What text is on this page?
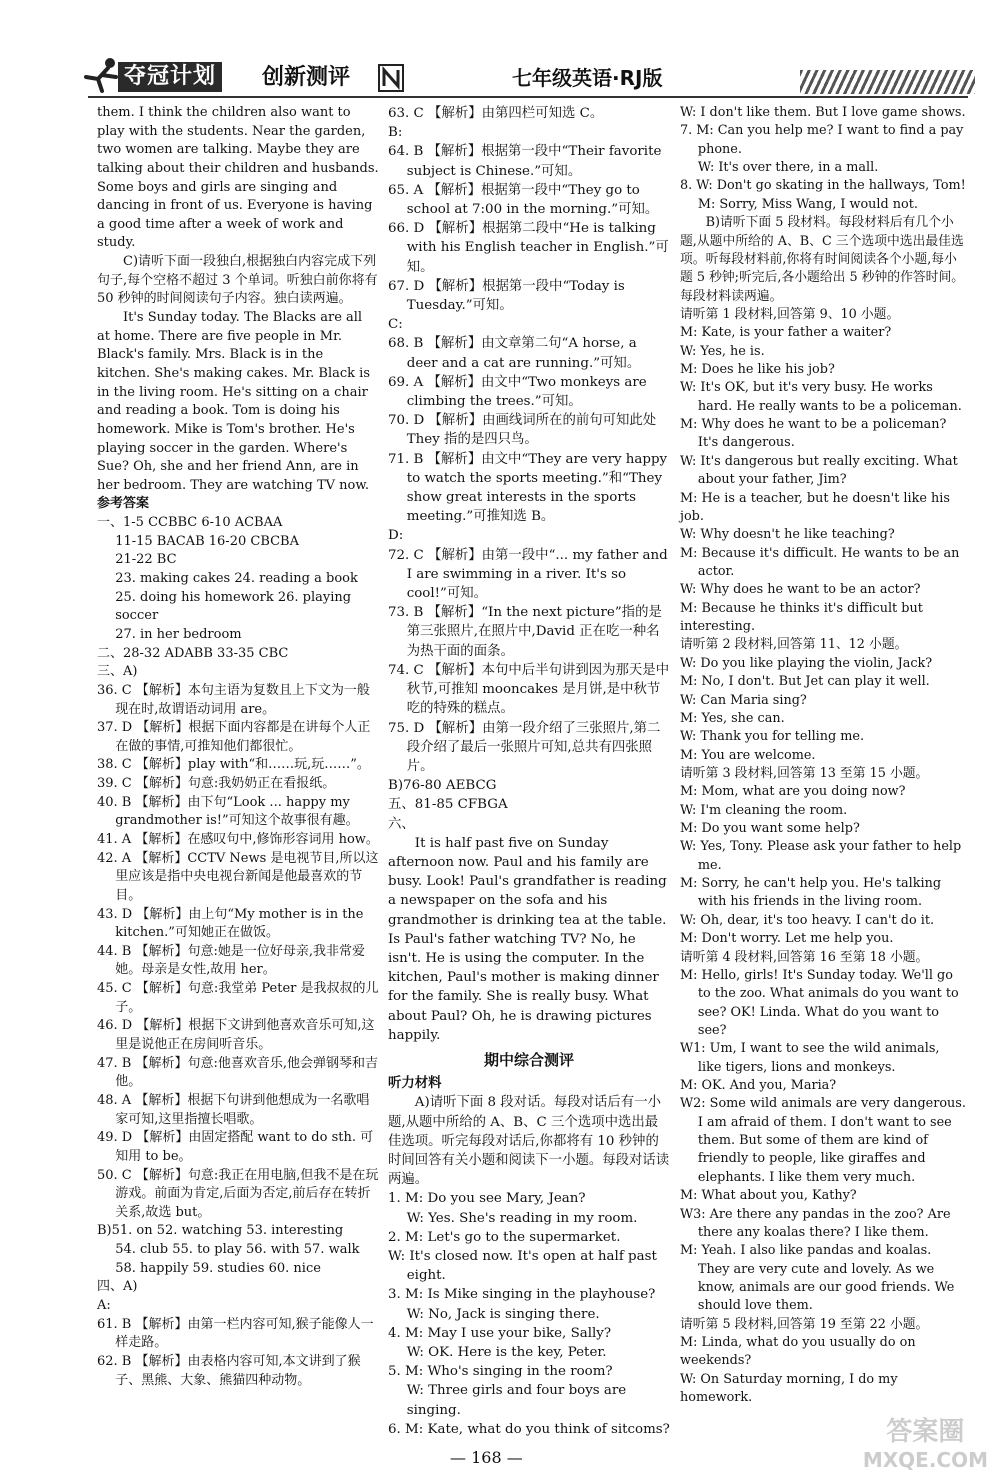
夺冠计划 创新测评	七年级英语·RJ版

them. I think the children also want to play with the students. Near the garden, two women are talking. Maybe they are talking about their children and husbands. Some boys and girls are singing and dancing in front of us. Everyone is having a good time after a week of work and study.

C)请听下面一段独白,根据独白内容完成下列句子,每个空格不超过 3 个单词。听独白前你将有 50 秒钟的时间阅读句子内容。独白读两遍。

It's Sunday today. The Blacks are all at home. There are five people in Mr. Black's family. Mrs. Black is in the kitchen. She's making cakes. Mr. Black is in the living room. He's sitting on a chair and reading a book. Tom is doing his homework. Mike is Tom's brother. He's playing soccer in the garden. Where's Sue? Oh, she and her friend Ann, are in her bedroom. They are watching TV now.

参考答案

一、1-5 CCBBC 6-10 ACBAA

11-15 BACAB 16-20 CBCBA

21-22 BC

23. making cakes 24. reading a book

25. doing his homework 26. playing soccer

27. in her bedroom

二、28-32 ADABB 33-35 CBC

三、A)

36. C 【解析】本句主语为复数且上下文为一般现在时,故谓语动词用 are。

37. D 【解析】根据下面内容都是在讲每个人正在做的事情,可推知他们都很忙。

38. C 【解析】play with“和……玩,玩……”。

39. C 【解析】句意:我奶奶正在看报纸。

40. B 【解析】由下句“Look ... happy my grandmother is!”可知这个故事很有趣。

41. A 【解析】在感叹句中,修饰形容词用 how。

42. A 【解析】CCTV News 是电视节目,所以这里应该是指中央电视台新闻是他最喜欢的节目。

43. D 【解析】由上句“My mother is in the kitchen.”可知她正在做饭。

44. B 【解析】句意:她是一位好母亲,我非常爱她。母亲是女性,故用 her。

45. C 【解析】句意:我堂弟 Peter 是我叔叔的儿子。

46. D 【解析】根据下文讲到他喜欢音乐可知,这里是说他正在房间听音乐。

47. B 【解析】句意:他喜欢音乐,他会弹钢琴和吉他。

48. A 【解析】根据下句讲到他想成为一名歌唱家可知,这里指擅长唱歌。

49. D 【解析】由固定搭配 want to do sth. 可知用 to be。

50. C 【解析】句意:我正在用电脑,但我不是在玩游戏。前面为肯定,后面为否定,前后存在转折关系,故选 but。

B)51. on 52. watching 53. interesting

54. club 55. to play 56. with 57. walk

58. happily 59. studies 60. nice

四、A)

A:

61. B 【解析】由第一栏内容可知,猴子能像人一样走路。

62. B 【解析】由表格内容可知,本文讲到了猴子、黑熊、大象、熊猫四种动物。

63. C 【解析】由第四栏可知选 C。

B:

64. B 【解析】根据第一段中“Their favorite subject is Chinese.”可知。

65. A 【解析】根据第一段中“They go to school at 7:00 in the morning.”可知。

66. D 【解析】根据第二段中“He is talking with his English teacher in English.”可知。

67. D 【解析】根据第一段中“Today is Tuesday.”可知。

C:

68. B 【解析】由文章第二句“A horse, a deer and a cat are running.”可知。

69. A 【解析】由文中“Two monkeys are climbing the trees.”可知。

70. D 【解析】由画线词所在的前句可知此处 They 指的是四只鸟。

71. B 【解析】由文中“They are very happy to watch the sports meeting.”和“They show great interests in the sports meeting.”可推知选 B。

D:

72. C 【解析】由第一段中“... my father and I are swimming in a river. It's so cool!”可知。

73. B 【解析】“In the next picture”指的是第三张照片,在照片中,David 正在吃一种名为热干面的面条。

74. C 【解析】本句中后半句讲到因为那天是中秋节,可推知 mooncakes 是月饼,是中秋节吃的特殊的糕点。

75. D 【解析】由第一段介绍了三张照片,第二段介绍了最后一张照片可知,总共有四张照片。

B)76-80 AEBCG

五、81-85 CFBGA

六、

It is half past five on Sunday afternoon now. Paul and his family are busy. Look! Paul's grandfather is reading a newspaper on the sofa and his grandmother is drinking tea at the table. Is Paul's father watching TV? No, he isn't. He is using the computer. In the kitchen, Paul's mother is making dinner for the family. She is really busy. What about Paul? Oh, he is drawing pictures happily.

期中综合测评

听力材料

A)请听下面 8 段对话。每段对话后有一小题,从题中所给的 A、B、C 三个选项中选出最佳选项。听完每段对话后,你都将有 10 秒钟的时间回答有关小题和阅读下一小题。每段对话读两遍。

1. M: Do you see Mary, Jean?

W: Yes. She's reading in my room.

2. M: Let's go to the supermarket.

W: It's closed now. It's open at half past eight.

3. M: Is Mike singing in the playhouse?

W: No, Jack is singing there.

4. M: May I use your bike, Sally?

W: OK. Here is the key, Peter.

5. M: Who's singing in the room?

W: Three girls and four boys are singing.

6. M: Kate, what do you think of sitcoms?

W: I don't like them. But I love game shows.

7. M: Can you help me? I want to find a pay phone.

W: It's over there, in a mall.

8. W: Don't go skating in the hallways, Tom!

M: Sorry, Miss Wang, I would not.

B)请听下面 5 段材料。每段材料后有几个小题,从题中所给的 A、B、C 三个选项中选出最佳选项。听每段材料前,你将有时间阅读各个小题,每小题 5 秒钟;听完后,各小题给出 5 秒钟的作答时间。每段材料读两遍。

请听第 1 段材料,回答第 9、10 小题。

M: Kate, is your father a waiter?

W: Yes, he is.

M: Does he like his job?

W: It's OK, but it's very busy. He works hard. He really wants to be a policeman.

M: Why does he want to be a policeman? It's dangerous.

W: It's dangerous but really exciting. What about your father, Jim?

M: He is a teacher, but he doesn't like his job.

W: Why doesn't he like teaching?

M: Because it's difficult. He wants to be an actor.

W: Why does he want to be an actor?

M: Because he thinks it's difficult but interesting.

请听第 2 段材料,回答第 11、12 小题。

W: Do you like playing the violin, Jack?

M: No, I don't. But Jet can play it well.

W: Can Maria sing?

M: Yes, she can.

W: Thank you for telling me.

M: You are welcome.

请听第 3 段材料,回答第 13 至第 15 小题。

M: Mom, what are you doing now?

W: I'm cleaning the room.

M: Do you want some help?

W: Yes, Tony. Please ask your father to help me.

M: Sorry, he can't help you. He's talking with his friends in the living room.

W: Oh, dear, it's too heavy. I can't do it.

M: Don't worry. Let me help you.

请听第 4 段材料,回答第 16 至第 18 小题。

M: Hello, girls! It's Sunday today. We'll go to the zoo. What animals do you want to see? OK! Linda. What do you want to see?

W1: Um, I want to see the wild animals, like tigers, lions and monkeys.

M: OK. And you, Maria?

W2: Some wild animals are very dangerous. I am afraid of them. I don't want to see them. But some of them are kind of friendly to people, like giraffes and elephants. I like them very much.

M: What about you, Kathy?

W3: Are there any pandas in the zoo? Are there any koalas there? I like them.

M: Yeah. I also like pandas and koalas. They are very cute and lovely. As we know, animals are our good friends. We should love them.

请听第 5 段材料,回答第 19 至第 22 小题。

M: Linda, what do you usually do on weekends?

W: On Saturday morning, I do my homework.

— 168 —
答案圈
MXQE.COM
